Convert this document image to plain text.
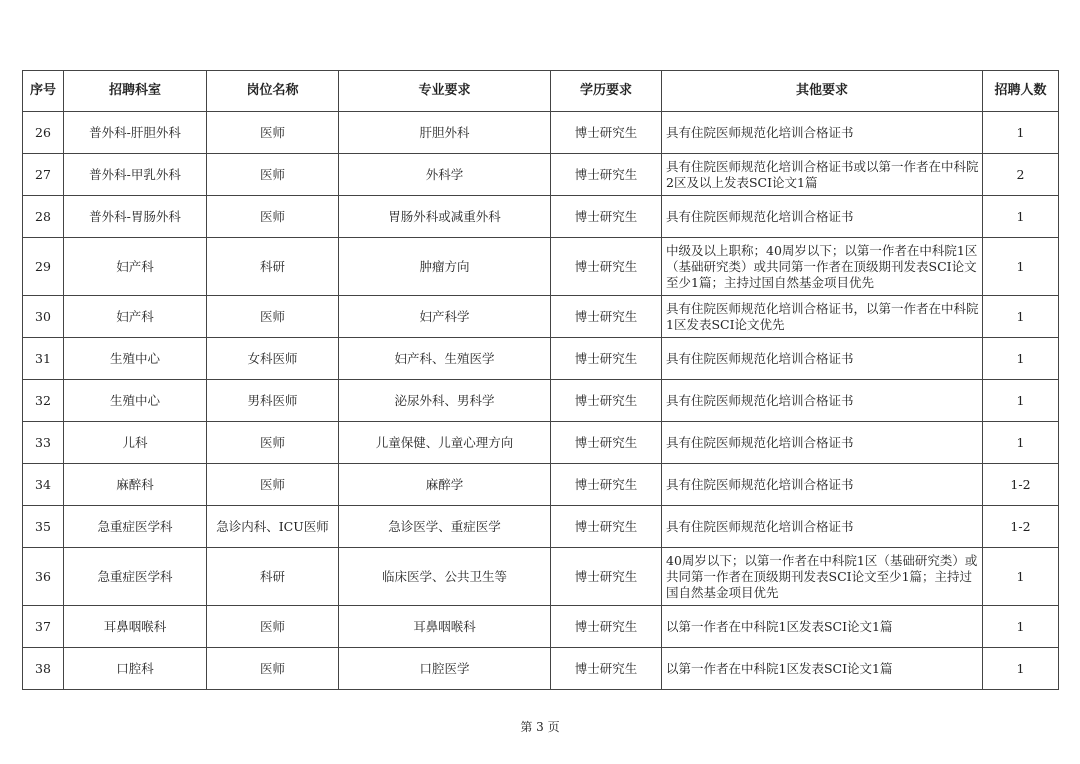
序号	招聘科室	岗位名称	专业要求	学历要求	其他要求	招聘人数
26	普外科-肝胆外科	医师	肝胆外科	博士研究生	具有住院医师规范化培训合格证书	1
27	普外科-甲乳外科	医师	外科学	博士研究生	具有住院医师规范化培训合格证书或以第一作者在中科院2区及以上发表SCI论文1篇	2
28	普外科-胃肠外科	医师	胃肠外科或减重外科	博士研究生	具有住院医师规范化培训合格证书	1
29	妇产科	科研	肿瘤方向	博士研究生	中级及以上职称；40周岁以下；以第一作者在中科院1区（基础研究类）或共同第一作者在顶级期刊发表SCI论文至少1篇；主持过国自然基金项目优先	1
30	妇产科	医师	妇产科学	博士研究生	具有住院医师规范化培训合格证书，以第一作者在中科院1区发表SCI论文优先	1
31	生殖中心	女科医师	妇产科、生殖医学	博士研究生	具有住院医师规范化培训合格证书	1
32	生殖中心	男科医师	泌尿外科、男科学	博士研究生	具有住院医师规范化培训合格证书	1
33	儿科	医师	儿童保健、儿童心理方向	博士研究生	具有住院医师规范化培训合格证书	1
34	麻醉科	医师	麻醉学	博士研究生	具有住院医师规范化培训合格证书	1-2
35	急重症医学科	急诊内科、ICU医师	急诊医学、重症医学	博士研究生	具有住院医师规范化培训合格证书	1-2
36	急重症医学科	科研	临床医学、公共卫生等	博士研究生	40周岁以下；以第一作者在中科院1区（基础研究类）或共同第一作者在顶级期刊发表SCI论文至少1篇；主持过国自然基金项目优先	1
37	耳鼻咽喉科	医师	耳鼻咽喉科	博士研究生	以第一作者在中科院1区发表SCI论文1篇	1
38	口腔科	医师	口腔医学	博士研究生	以第一作者在中科院1区发表SCI论文1篇	1
第 3 页
